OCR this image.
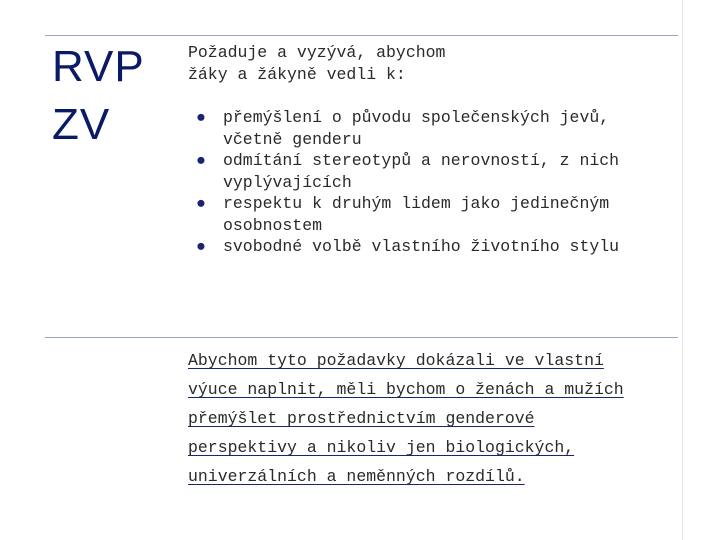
RVP
ZV
Požaduje a vyzývá, abychom
žáky a žákyně vedli k:
● přemýšlení o původu společenských jevů,
včetně genderu
● odmítání stereotypů a nerovností, z nich
vyplývajících
● respektu k druhým lidem jako jedinečným
osobnostem
● svobodné volbě vlastního životního stylu
Abychom tyto požadavky dokázali ve vlastní
výuce naplnit, měli bychom o ženách a mužích
přemýšlet prostřednictvím genderové
perspektivy a nikoliv jen biologických,
univerzálních a neměnných rozdílů.
